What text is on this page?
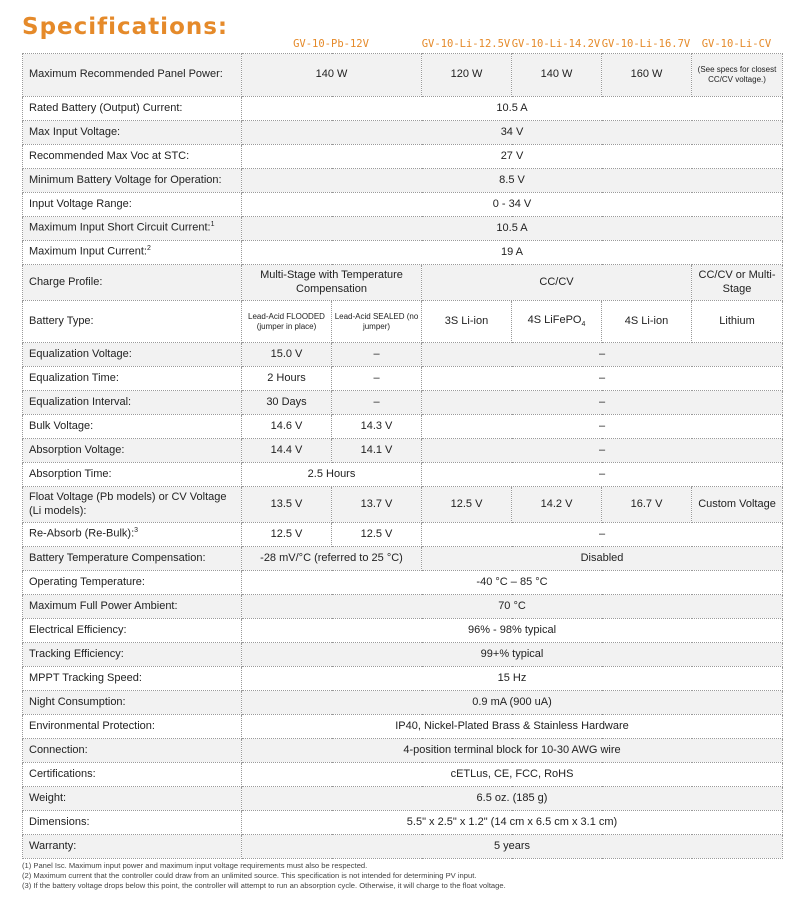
Specifications:
GV-10-Pb-12V	GV-10-Li-12.5V GV-10-Li-14.2V GV-10-Li-16.7V	GV-10-Li-CV
Maximum Recommended Panel Power:	140 W		120 W	140 W	160 W	(See specs for closest CC/CV voltage.)
Rated Battery (Output) Current:	10.5 A					
Max Input Voltage:	34 V					
Recommended Max Voc at STC:	27 V					
Minimum Battery Voltage for Operation:	8.5 V					
Input Voltage Range:	0 - 34 V					
Maximum Input Short Circuit Current:$^1$	10.5 A					
Maximum Input Current:$^2$	19 A					
Charge Profile:	Multi-Stage with Temperature Compensation		CC/CV			CC/CV or Multi-Stage
Battery Type:	Lead-Acid FLOODED (jumper in place)	Lead-Acid SEALED (no jumper)	3S Li-ion	4S LiFePO$_4$	4S Li-ion	Lithium
Equalization Voltage:	15.0 V	–	–			
Equalization Time:	2 Hours	–	–			
Equalization Interval:	30 Days	–	–			
Bulk Voltage:	14.6 V	14.3 V	–			
Absorption Voltage:	14.4 V	14.1 V	–			
Absorption Time:	2.5 Hours		–			
Float Voltage (Pb models) or CV Voltage (Li models):	13.5 V	13.7 V	12.5 V	14.2 V	16.7 V	Custom Voltage
Re-Absorb (Re-Bulk):$^3$	12.5 V	12.5 V	–			
Battery Temperature Compensation:	-28 mV/°C (referred to 25 °C)		Disabled			
Operating Temperature:	-40 °C – 85 °C					
Maximum Full Power Ambient:	70 °C					
Electrical Efficiency:	96% - 98% typical					
Tracking Efficiency:	99+% typical					
MPPT Tracking Speed:	15 Hz					
Night Consumption:	0.9 mA (900 uA)					
Environmental Protection:	IP40, Nickel-Plated Brass & Stainless Hardware					
Connection:	4-position terminal block for 10-30 AWG wire					
Certifications:	cETLus, CE, FCC, RoHS					
Weight:	6.5 oz. (185 g)					
Dimensions:	5.5" x 2.5" x 1.2" (14 cm x 6.5 cm x 3.1 cm)					
Warranty:	5 years					
(1) Panel Isc. Maximum input power and maximum input voltage requirements must also be respected.
(2) Maximum current that the controller could draw from an unlimited source. This specification is not intended for determining PV input.
(3) If the battery voltage drops below this point, the controller will attempt to run an absorption cycle. Otherwise, it will charge to the float voltage.
